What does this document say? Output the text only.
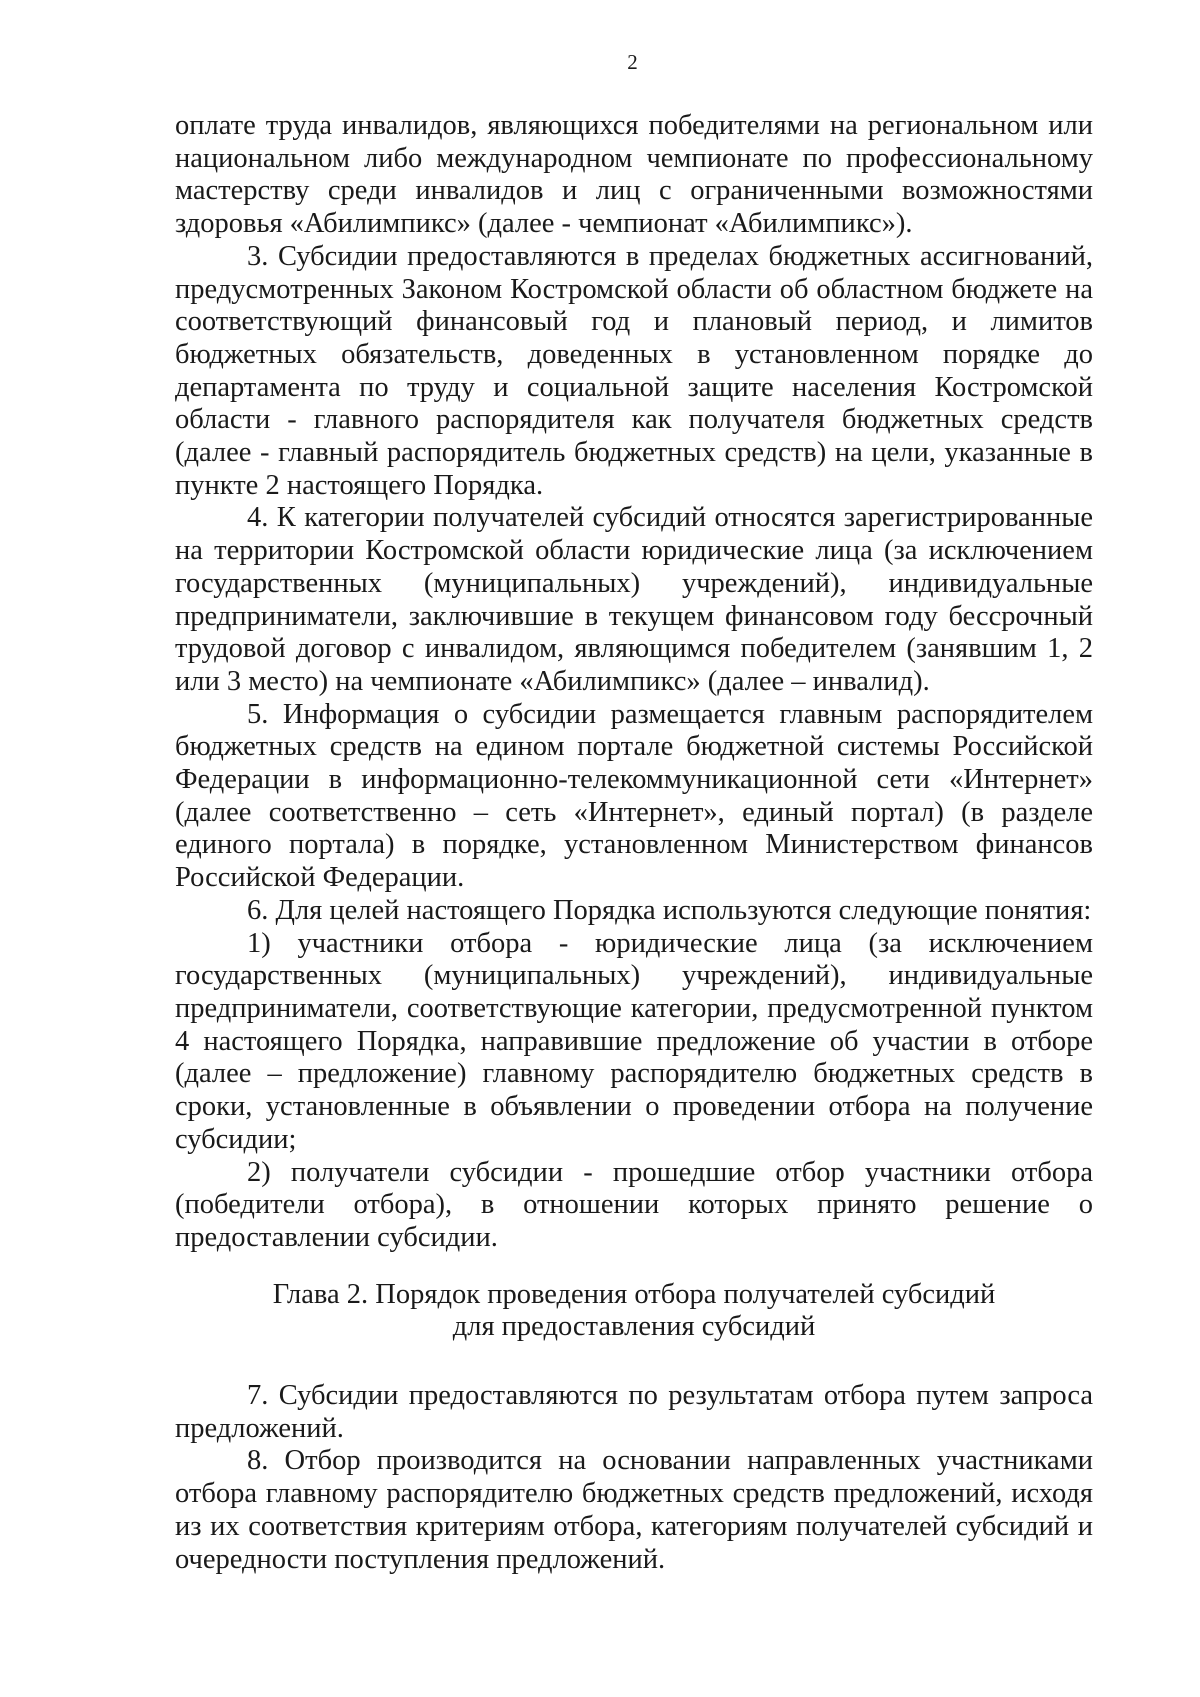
2

оплате труда инвалидов, являющихся победителями на региональном или национальном либо международном чемпионате по профессиональному мастерству среди инвалидов и лиц с ограниченными возможностями здоровья «Абилимпикс» (далее - чемпионат «Абилимпикс»).

3. Субсидии предоставляются в пределах бюджетных ассигнований, предусмотренных Законом Костромской области об областном бюджете на соответствующий финансовый год и плановый период, и лимитов бюджетных обязательств, доведенных в установленном порядке до департамента по труду и социальной защите населения Костромской области - главного распорядителя как получателя бюджетных средств (далее - главный распорядитель бюджетных средств) на цели, указанные в пункте 2 настоящего Порядка.

4. К категории получателей субсидий относятся зарегистрированные на территории Костромской области юридические лица (за исключением государственных (муниципальных) учреждений), индивидуальные предприниматели, заключившие в текущем финансовом году бессрочный трудовой договор с инвалидом, являющимся победителем (занявшим 1, 2 или 3 место) на чемпионате «Абилимпикс» (далее – инвалид).

5. Информация о субсидии размещается главным распорядителем бюджетных средств на едином портале бюджетной системы Российской Федерации в информационно-телекоммуникационной сети «Интернет» (далее соответственно – сеть «Интернет», единый портал) (в разделе единого портала) в порядке, установленном Министерством финансов Российской Федерации.

6. Для целей настоящего Порядка используются следующие понятия:

1) участники отбора - юридические лица (за исключением государственных (муниципальных) учреждений), индивидуальные предприниматели, соответствующие категории, предусмотренной пунктом 4 настоящего Порядка, направившие предложение об участии в отборе (далее – предложение) главному распорядителю бюджетных средств в сроки, установленные в объявлении о проведении отбора на получение субсидии;

2) получатели субсидии - прошедшие отбор участники отбора (победители отбора), в отношении которых принято решение о предоставлении субсидии.

Глава 2. Порядок проведения отбора получателей субсидий
для предоставления субсидий

7. Субсидии предоставляются по результатам отбора путем запроса предложений.

8. Отбор производится на основании направленных участниками отбора главному распорядителю бюджетных средств предложений, исходя из их соответствия критериям отбора, категориям получателей субсидий и очередности поступления предложений.
